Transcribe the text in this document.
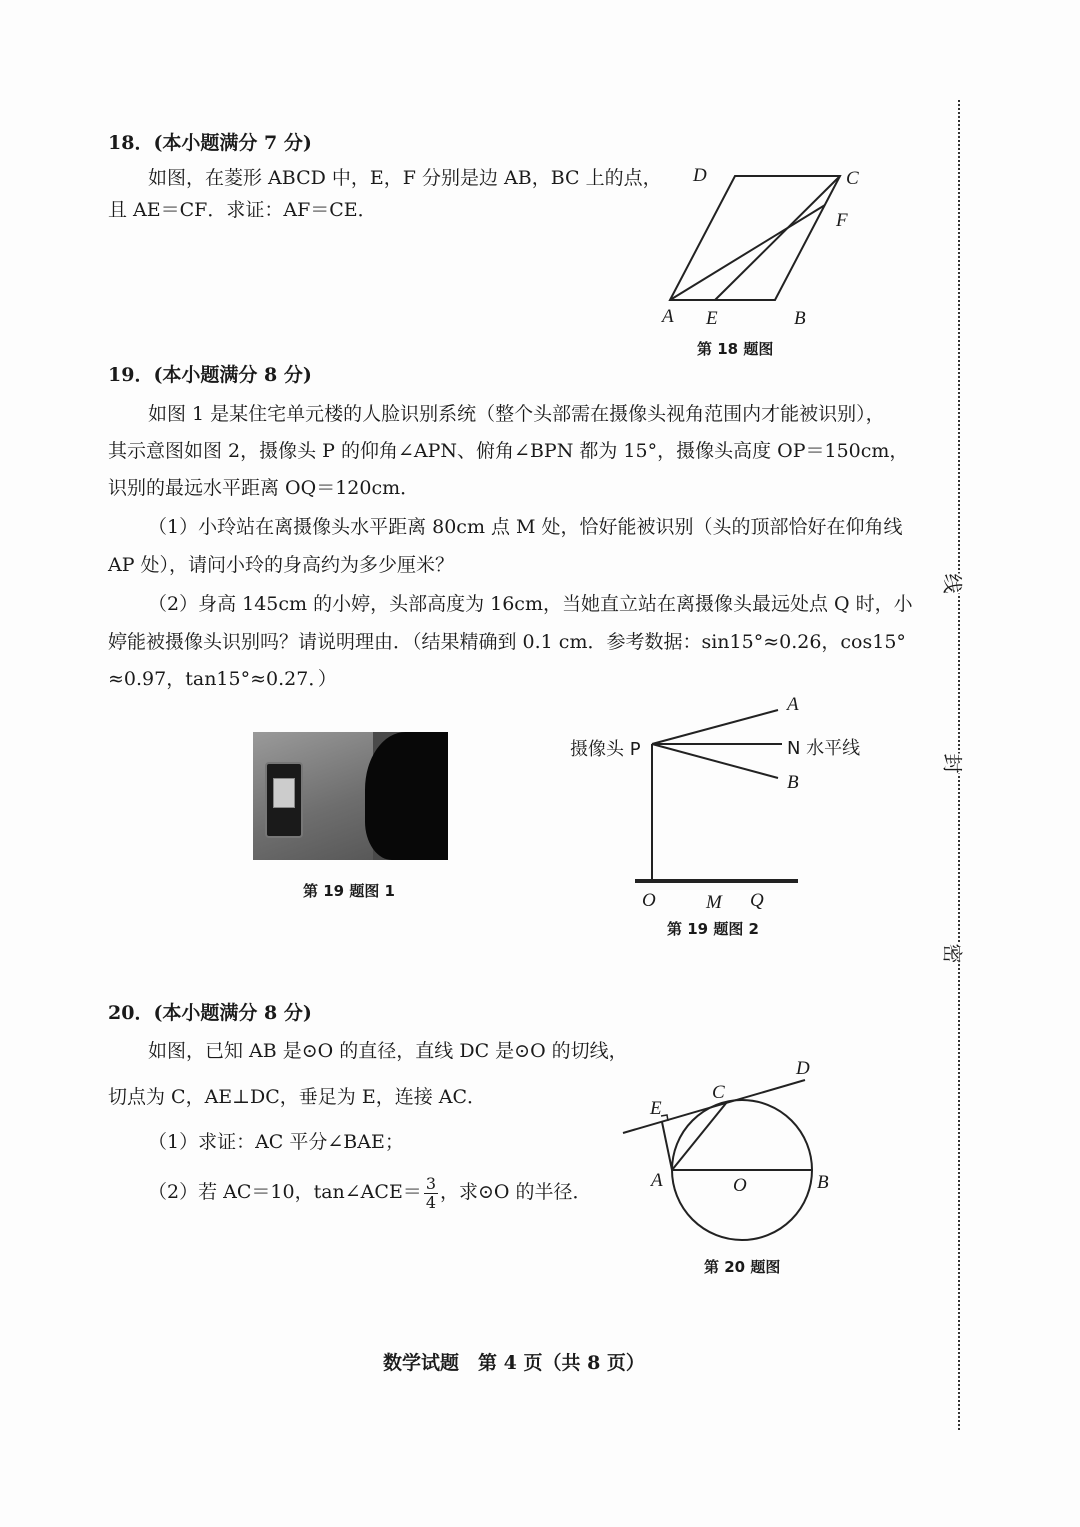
线
封
密
18．(本小题满分 7 分)
如图，在菱形 ABCD 中，E，F 分别是边 AB，BC 上的点，
且 AE＝CF．求证：AF＝CE．
D	C
F
A E	B
第 18 题图
19．(本小题满分 8 分)
如图 1 是某住宅单元楼的人脸识别系统（整个头部需在摄像头视角范围内才能被识别），
其示意图如图 2，摄像头 P 的仰角∠APN、俯角∠BPN 都为 15°，摄像头高度 OP＝150cm，
识别的最远水平距离 OQ＝120cm．
（1）小玲站在离摄像头水平距离 80cm 点 M 处，恰好能被识别（头的顶部恰好在仰角线
AP 处），请问小玲的身高约为多少厘米？
（2）身高 145cm 的小婷，头部高度为 16cm，当她直立站在离摄像头最远处点 Q 时，小
婷能被摄像头识别吗？请说明理由．（结果精确到 0.1 cm．参考数据：sin15°≈0.26，cos15°
≈0.97，tan15°≈0.27．）
第 19 题图 1
摄像头 P
A
N 水平线
B
O	M Q
第 19 题图 2
20．(本小题满分 8 分)
如图，已知 AB 是⊙O 的直径，直线 DC 是⊙O 的切线，
切点为 C，AE⊥DC，垂足为 E，连接 AC．
（1）求证：AC 平分∠BAE；
（2）若 AC＝10，tan∠ACE＝ $\frac{3}{4}$ ，求⊙O 的半径．
D
C
E
A	O	B
第 20 题图
数学试题　第 4 页（共 8 页）
